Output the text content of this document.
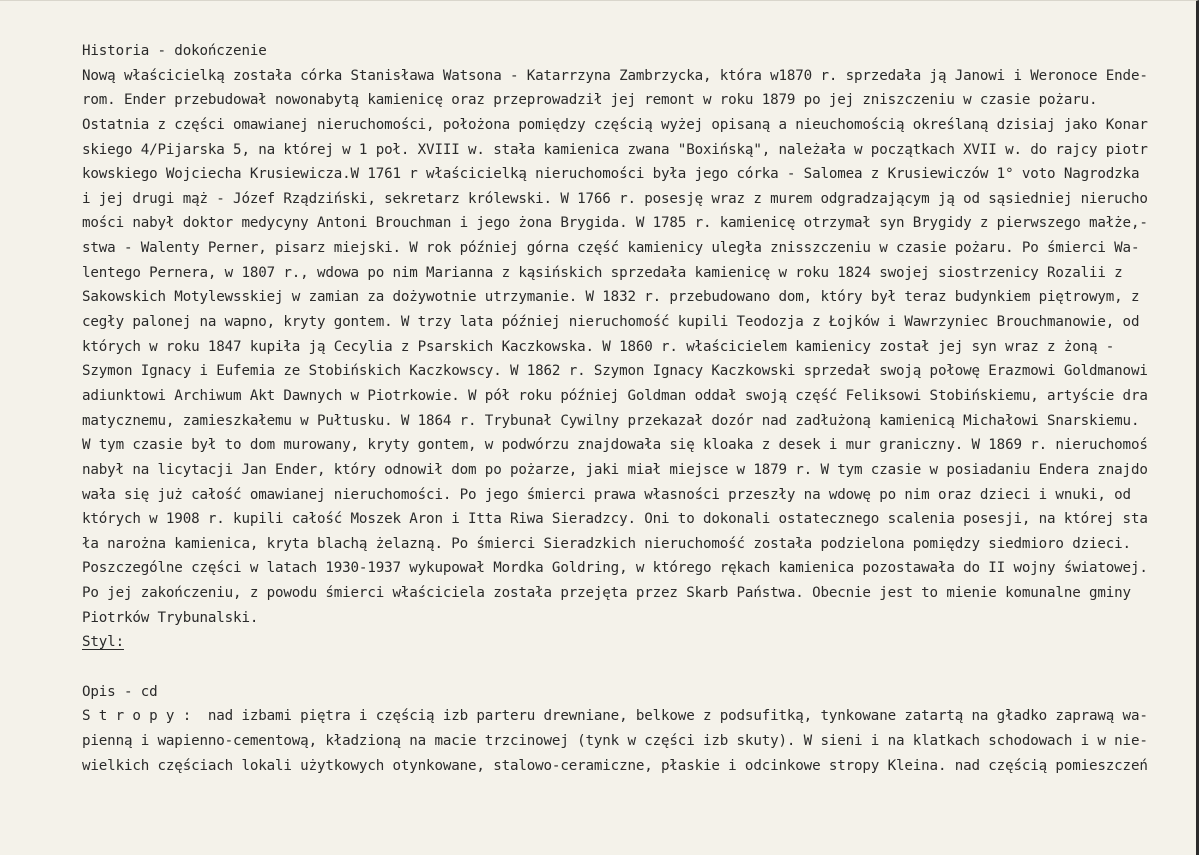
Historia - dokończenie
Nową właścicielką została córka Stanisława Watsona - Katarrzyna Zambrzycka, która w1870 r. sprzedała ją Janowi i Weronoce Ende-
rom. Ender przebudował nowonabytą kamienicę oraz przeprowadził jej remont w roku 1879 po jej zniszczeniu w czasie pożaru.
Ostatnia z części omawianej nieruchomości, położona pomiędzy częścią wyżej opisaną a nieuchomością określaną dzisiaj jako Konar
skiego 4/Pijarska 5, na której w 1 poł. XVIII w. stała kamienica zwana "Boxińską", należała w początkach XVII w. do rajcy piotr
kowskiego Wojciecha Krusiewicza.W 1761 r właścicielką nieruchomości była jego córka - Salomea z Krusiewiczów 1° voto Nagrodzka
i jej drugi mąż - Józef Rządziński, sekretarz królewski. W 1766 r. posesję wraz z murem odgradzającym ją od sąsiedniej nierucho
mości nabył doktor medycyny Antoni Brouchman i jego żona Brygida. W 1785 r. kamienicę otrzymał syn Brygidy z pierwszego małże,-
stwa - Walenty Perner, pisarz miejski. W rok później górna część kamienicy uległa znisszczeniu w czasie pożaru. Po śmierci Wa-
lentego Pernera, w 1807 r., wdowa po nim Marianna z kąsińskich sprzedała kamienicę w roku 1824 swojej siostrzenicy Rozalii z
Sakowskich Motylewsskiej w zamian za dożywotnie utrzymanie. W 1832 r. przebudowano dom, który był teraz budynkiem piętrowym, z
cegły palonej na wapno, kryty gontem. W trzy lata później nieruchomość kupili Teodozja z Łojków i Wawrzyniec Brouchmanowie, od
których w roku 1847 kupiła ją Cecylia z Psarskich Kaczkowska. W 1860 r. właścicielem kamienicy został jej syn wraz z żoną -
Szymon Ignacy i Eufemia ze Stobińskich Kaczkowscy. W 1862 r. Szymon Ignacy Kaczkowski sprzedał swoją połowę Erazmowi Goldmanowi
adiunktowi Archiwum Akt Dawnych w Piotrkowie. W pół roku później Goldman oddał swoją część Feliksowi Stobińskiemu, artyście dra
matycznemu, zamieszkałemu w Pułtusku. W 1864 r. Trybunał Cywilny przekazał dozór nad zadłużoną kamienicą Michałowi Snarskiemu.
W tym czasie był to dom murowany, kryty gontem, w podwórzu znajdowała się kloaka z desek i mur graniczny. W 1869 r. nieruchomoś
nabył na licytacji Jan Ender, który odnowił dom po pożarze, jaki miał miejsce w 1879 r. W tym czasie w posiadaniu Endera znajdo
wała się już całość omawianej nieruchomości. Po jego śmierci prawa własności przeszły na wdowę po nim oraz dzieci i wnuki, od
których w 1908 r. kupili całość Moszek Aron i Itta Riwa Sieradzcy. Oni to dokonali ostatecznego scalenia posesji, na której sta
ła narożna kamienica, kryta blachą żelazną. Po śmierci Sieradzkich nieruchomość została podzielona pomiędzy siedmioro dzieci.
Poszczególne części w latach 1930-1937 wykupował Mordka Goldring, w którego rękach kamienica pozostawała do II wojny światowej.
Po jej zakończeniu, z powodu śmierci właściciela została przejęta przez Skarb Państwa. Obecnie jest to mienie komunalne gminy
Piotrków Trybunalski.
Styl:
Opis - cd
S t r o p y :  nad izbami piętra i częścią izb parteru drewniane, belkowe z podsufitką, tynkowane zatartą na gładko zaprawą wa-
pienną i wapienno-cementową, kładzioną na macie trzcinowej (tynk w części izb skuty). W sieni i na klatkach schodowach i w nie-
wielkich częściach lokali użytkowych otynkowane, stalowo-ceramiczne, płaskie i odcinkowe stropy Kleina. nad częścią pomieszczeń
